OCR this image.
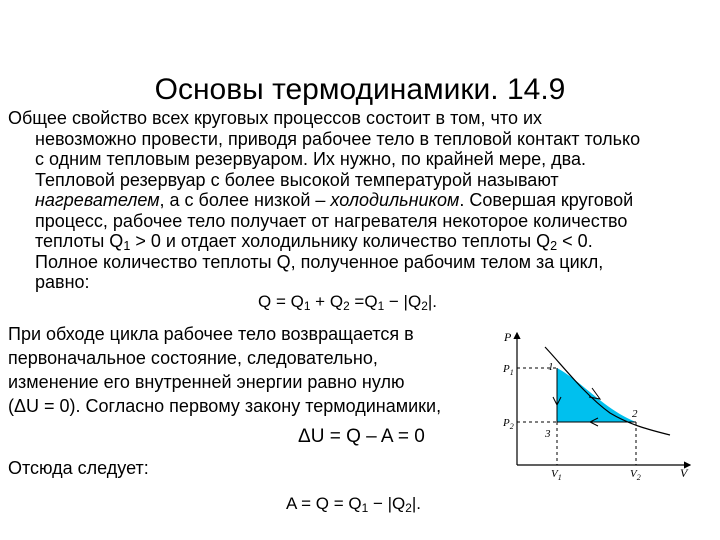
Основы термодинамики. 14.9
Общее свойство всех круговых процессов состоит в том, что их
невозможно провести, приводя рабочее тело в тепловой контакт только
с одним тепловым резервуаром. Их нужно, по крайней мере, два.
Тепловой резервуар с более высокой температурой называют
нагревателем, а с более низкой – холодильником. Совершая круговой
процесс, рабочее тело получает от нагревателя некоторое количество
теплоты $Q_1 > 0$ и отдает холодильнику количество теплоты $Q_2 < 0$.
Полное количество теплоты Q, полученное рабочим телом за цикл,
равно:
$Q = Q_1 + Q_2 =Q_1 - |Q_2|$.
При обходе цикла рабочее тело возвращается в
первоначальное состояние, следовательно,
изменение его внутренней энергии равно нулю
(ΔU = 0). Согласно первому закону термодинамики,
ΔU = Q – A = 0
Отсюда следует:
$A = Q = Q_1 - |Q_2|$.
P
V
$P_1$
$P_2$
$V_1$	$V_2$
1
2
3
